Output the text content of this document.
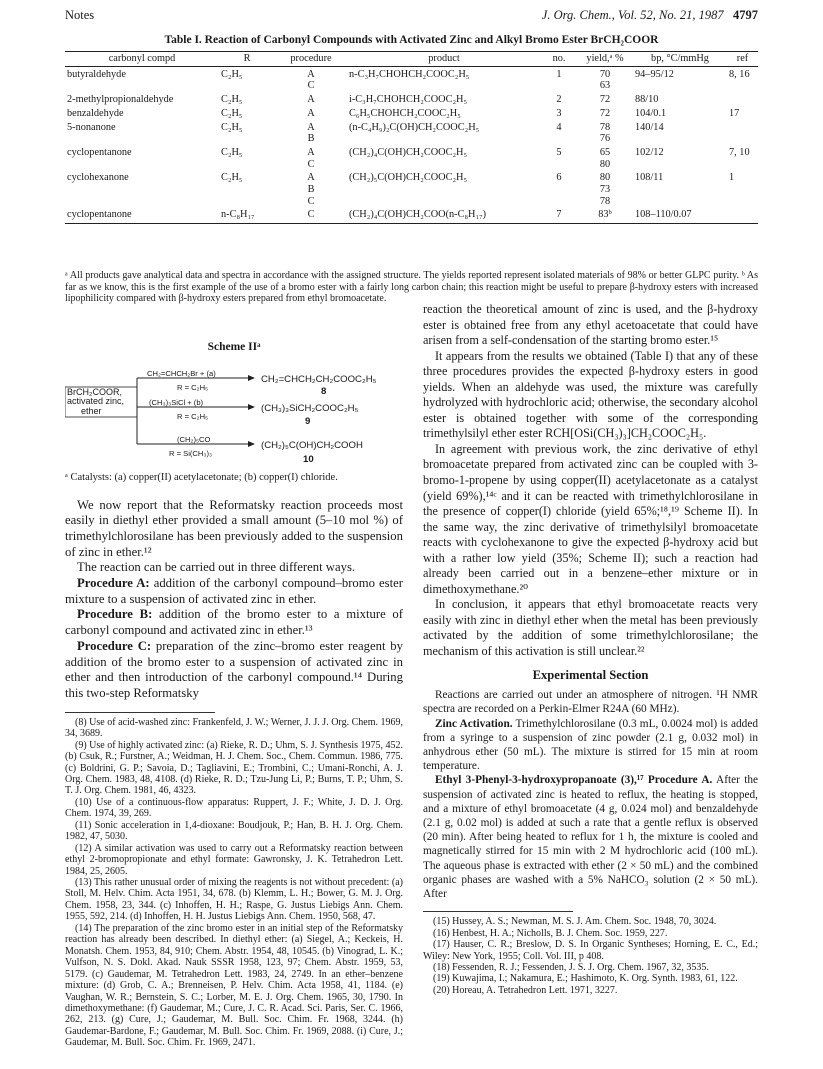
Notes	J. Org. Chem., Vol. 52, No. 21, 1987 4797
Table I. Reaction of Carbonyl Compounds with Activated Zinc and Alkyl Bromo Ester BrCH₂COOR
carbonyl compd	R	procedure	product	no.	yield,ᵃ %	bp, °C/mmHg	ref
butyraldehyde	C₂H₅	A	n-C₃H₇CHOHCH₂COOC₂H₅	1	70	94–95/12	8, 16
		C			63		
2-methylpropionaldehyde	C₂H₅	A	i-C₃H₇CHOHCH₂COOC₂H₅	2	72	88/10	
benzaldehyde	C₂H₅	A	C₆H₅CHOHCH₂COOC₂H₅	3	72	104/0.1	17
5-nonanone	C₂H₅	A	(n-C₄H₉)₂C(OH)CH₂COOC₂H₅	4	78	140/14	
		B			76		
cyclopentanone	C₂H₅	A	(CH₂)₄C(OH)CH₂COOC₂H₅	5	65	102/12	7, 10
		C			80		
cyclohexanone	C₂H₅	A	(CH₂)₅C(OH)CH₂COOC₂H₅	6	80	108/11	1
		B			73		
		C			78		
cyclopentanone	n-C₈H₁₇	C	(CH₂)₄C(OH)CH₂COO(n-C₈H₁₇)	7	83ᵇ	108–110/0.07	
ᵃ All products gave analytical data and spectra in accordance with the assigned structure. The yields reported represent isolated materials of 98% or better GLPC purity. ᵇ As far as we know, this is the first example of the use of a bromo ester with a fairly long carbon chain; this reaction might be useful to prepare β-hydroxy esters with increased lipophilicity compared with β-hydroxy esters prepared from ethyl bromoacetate.
Scheme IIᵃ
BrCH₂COOR,
activated zinc,
ether
CH₂=CHCH₂Br + (a)
R = C₂H₅
CH₂=CHCH₂CH₂COOC₂H₅
8
(CH₃)₃SiCl + (b)
R = C₂H₅
(CH₃)₃SiCH₂COOC₂H₅
9
(CH₂)₅CO
R = Si(CH₃)₃
(CH₂)₅C(OH)CH₂COOH
10
ᵃ Catalysts: (a) copper(II) acetylacetonate; (b) copper(I) chloride.

We now report that the Reformatsky reaction proceeds most easily in diethyl ether provided a small amount (5–10 mol %) of trimethylchlorosilane has been previously added to the suspension of zinc in ether.¹²

The reaction can be carried out in three different ways.

Procedure A: addition of the carbonyl compound–bromo ester mixture to a suspension of activated zinc in ether.

Procedure B: addition of the bromo ester to a mixture of carbonyl compound and activated zinc in ether.¹³

Procedure C: preparation of the zinc–bromo ester reagent by addition of the bromo ester to a suspension of activated zinc in ether and then introduction of the carbonyl compound.¹⁴ During this two-step Reformatsky

(8) Use of acid-washed zinc: Frankenfeld, J. W.; Werner, J. J. J. Org. Chem. 1969, 34, 3689.
(9) Use of highly activated zinc: (a) Rieke, R. D.; Uhm, S. J. Synthesis 1975, 452. (b) Csuk, R.; Furstner, A.; Weidman, H. J. Chem. Soc., Chem. Commun. 1986, 775. (c) Boldrini, G. P.; Savoia, D.; Tagliavini, E.; Trombini, C.; Umani-Ronchi, A. J. Org. Chem. 1983, 48, 4108. (d) Rieke, R. D.; Tzu-Jung Li, P.; Burns, T. P.; Uhm, S. T. J. Org. Chem. 1981, 46, 4323.
(10) Use of a continuous-flow apparatus: Ruppert, J. F.; White, J. D. J. Org. Chem. 1974, 39, 269.
(11) Sonic acceleration in 1,4-dioxane: Boudjouk, P.; Han, B. H. J. Org. Chem. 1982, 47, 5030.
(12) A similar activation was used to carry out a Reformatsky reaction between ethyl 2-bromopropionate and ethyl formate: Gawronsky, J. K. Tetrahedron Lett. 1984, 25, 2605.
(13) This rather unusual order of mixing the reagents is not without precedent: (a) Stoll, M. Helv. Chim. Acta 1951, 34, 678. (b) Klemm, L. H.; Bower, G. M. J. Org. Chem. 1958, 23, 344. (c) Inhoffen, H. H.; Raspe, G. Justus Liebigs Ann. Chem. 1955, 592, 214. (d) Inhoffen, H. H. Justus Liebigs Ann. Chem. 1950, 568, 47.
(14) The preparation of the zinc bromo ester in an initial step of the Reformatsky reaction has already been described. In diethyl ether: (a) Siegel, A.; Keckeis, H. Monatsh. Chem. 1953, 84, 910; Chem. Abstr. 1954, 48, 10545. (b) Vinograd, L. K.; Vulfson, N. S. Dokl. Akad. Nauk SSSR 1958, 123, 97; Chem. Abstr. 1959, 53, 5179. (c) Gaudemar, M. Tetrahedron Lett. 1983, 24, 2749. In an ether–benzene mixture: (d) Grob, C. A.; Brenneisen, P. Helv. Chim. Acta 1958, 41, 1184. (e) Vaughan, W. R.; Bernstein, S. C.; Lorber, M. E. J. Org. Chem. 1965, 30, 1790. In dimethoxymethane: (f) Gaudemar, M.; Cure, J. C. R. Acad. Sci. Paris, Ser. C. 1966, 262, 213. (g) Cure, J.; Gaudemar, M. Bull. Soc. Chim. Fr. 1968, 3244. (h) Gaudemar-Bardone, F.; Gaudemar, M. Bull. Soc. Chim. Fr. 1969, 2088. (i) Cure, J.; Gaudemar, M. Bull. Soc. Chim. Fr. 1969, 2471.

reaction the theoretical amount of zinc is used, and the β-hydroxy ester is obtained free from any ethyl acetoacetate that could have arisen from a self-condensation of the starting bromo ester.¹⁵

It appears from the results we obtained (Table I) that any of these three procedures provides the expected β-hydroxy esters in good yields. When an aldehyde was used, the mixture was carefully hydrolyzed with hydrochloric acid; otherwise, the secondary alcohol ester is obtained together with some of the corresponding trimethylsilyl ether ester RCH[OSi(CH₃)₃]CH₂COOC₂H₅.

In agreement with previous work, the zinc derivative of ethyl bromoacetate prepared from activated zinc can be coupled with 3-bromo-1-propene by using copper(II) acetylacetonate as a catalyst (yield 69%),¹⁴ᶜ and it can be reacted with trimethylchlorosilane in the presence of copper(I) chloride (yield 65%;¹⁸,¹⁹ Scheme II). In the same way, the zinc derivative of trimethylsilyl bromoacetate reacts with cyclohexanone to give the expected β-hydroxy acid but with a rather low yield (35%; Scheme II); such a reaction had already been carried out in a benzene–ether mixture or in dimethoxymethane.²⁰

In conclusion, it appears that ethyl bromoacetate reacts very easily with zinc in diethyl ether when the metal has been previously activated by the addition of some trimethylchlorosilane; the mechanism of this activation is still unclear.²²

Experimental Section

Reactions are carried out under an atmosphere of nitrogen. ¹H NMR spectra are recorded on a Perkin-Elmer R24A (60 MHz).

Zinc Activation. Trimethylchlorosilane (0.3 mL, 0.0024 mol) is added from a syringe to a suspension of zinc powder (2.1 g, 0.032 mol) in anhydrous ether (50 mL). The mixture is stirred for 15 min at room temperature.

Ethyl 3-Phenyl-3-hydroxypropanoate (3),¹⁷ Procedure A. After the suspension of activated zinc is heated to reflux, the heating is stopped, and a mixture of ethyl bromoacetate (4 g, 0.024 mol) and benzaldehyde (2.1 g, 0.02 mol) is added at such a rate that a gentle reflux is observed (20 min). After being heated to reflux for 1 h, the mixture is cooled and magnetically stirred for 15 min with 2 M hydrochloric acid (100 mL). The aqueous phase is extracted with ether (2 × 50 mL) and the combined organic phases are washed with a 5% NaHCO₃ solution (2 × 50 mL). After

(15) Hussey, A. S.; Newman, M. S. J. Am. Chem. Soc. 1948, 70, 3024.
(16) Henbest, H. A.; Nicholls, B. J. Chem. Soc. 1959, 227.
(17) Hauser, C. R.; Breslow, D. S. In Organic Syntheses; Horning, E. C., Ed.; Wiley: New York, 1955; Coll. Vol. III, p 408.
(18) Fessenden, R. J.; Fessenden, J. S. J. Org. Chem. 1967, 32, 3535.
(19) Kuwajima, I.; Nakamura, E.; Hashimoto, K. Org. Synth. 1983, 61, 122.
(20) Horeau, A. Tetrahedron Lett. 1971, 3227.
